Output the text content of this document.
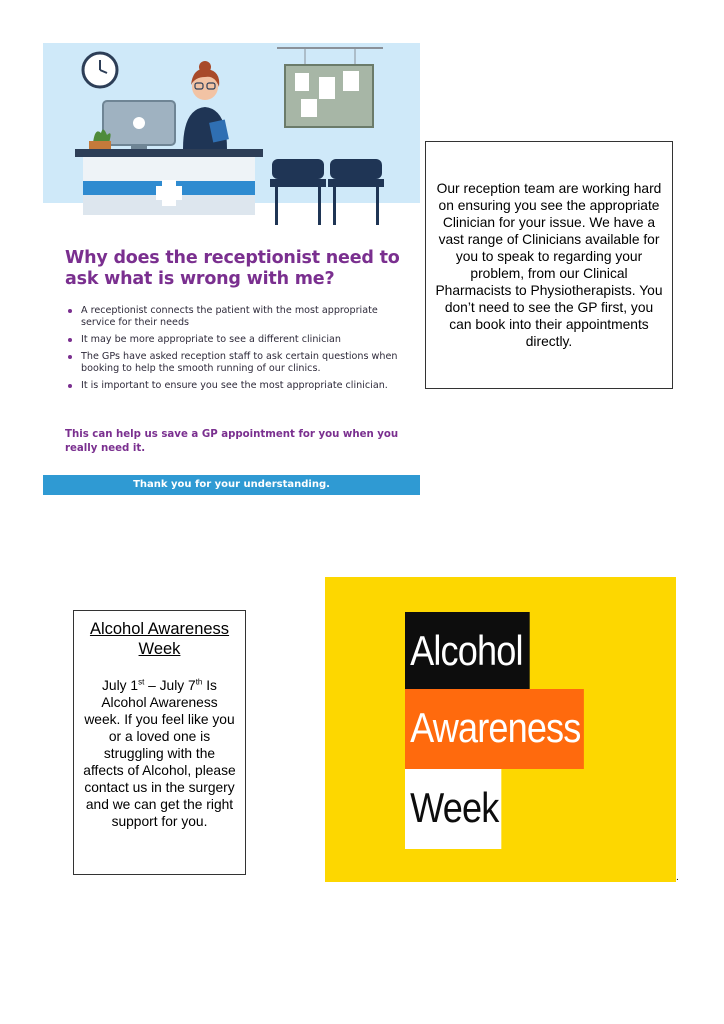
Why does the receptionist need to ask what is wrong with me?
A receptionist connects the patient with the most appropriate service for their needs
It may be more appropriate to see a different clinician
The GPs have asked reception staff to ask certain questions when booking to help the smooth running of our clinics.
It is important to ensure you see the most appropriate clinician.

This can help us save a GP appointment for you when you really need it.

Thank you for your understanding.
Our reception team are working hard on ensuring you see the appropriate Clinician for your issue. We have a vast range of Clinicians available for you to speak to regarding your problem, from our Clinical Pharmacists to Physiotherapists. You don’t need to see the GP first, you can book into their appointments directly.

Alcohol Awareness Week

July 1st – July 7th Is Alcohol Awareness week. If you feel like you or a loved one is struggling with the affects of Alcohol, please contact us in the surgery and we can get the right support for you.

Alcohol
Awareness
Week
.
